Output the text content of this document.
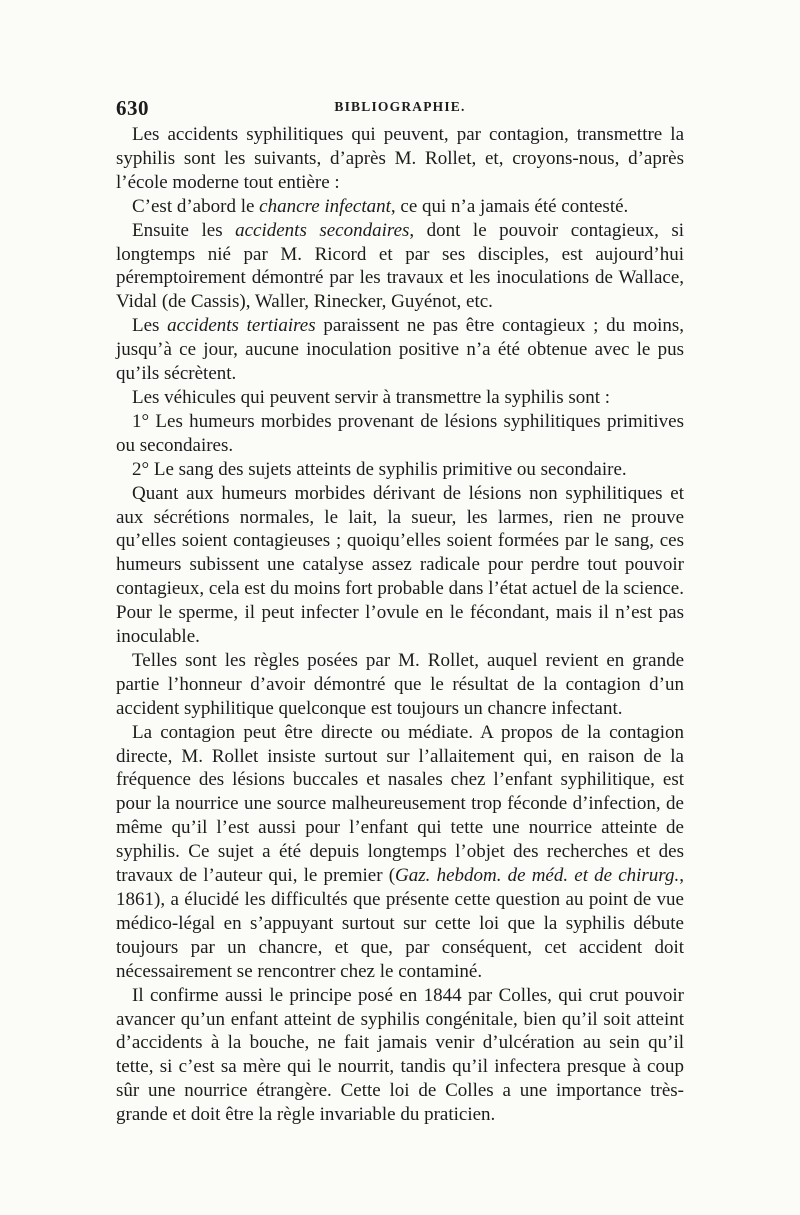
630	BIBLIOGRAPHIE.

Les accidents syphilitiques qui peuvent, par contagion, transmettre la syphilis sont les suivants, d’après M. Rollet, et, croyons-nous, d’après l’école moderne tout entière :

C’est d’abord le chancre infectant, ce qui n’a jamais été contesté.

Ensuite les accidents secondaires, dont le pouvoir contagieux, si longtemps nié par M. Ricord et par ses disciples, est aujourd’hui péremptoirement démontré par les travaux et les inoculations de Wallace, Vidal (de Cassis), Waller, Rinecker, Guyénot, etc.

Les accidents tertiaires paraissent ne pas être contagieux ; du moins, jusqu’à ce jour, aucune inoculation positive n’a été obtenue avec le pus qu’ils sécrètent.

Les véhicules qui peuvent servir à transmettre la syphilis sont :

1° Les humeurs morbides provenant de lésions syphilitiques primitives ou secondaires.

2° Le sang des sujets atteints de syphilis primitive ou secondaire.

Quant aux humeurs morbides dérivant de lésions non syphilitiques et aux sécrétions normales, le lait, la sueur, les larmes, rien ne prouve qu’elles soient contagieuses ; quoiqu’elles soient formées par le sang, ces humeurs subissent une catalyse assez radicale pour perdre tout pouvoir contagieux, cela est du moins fort probable dans l’état actuel de la science. Pour le sperme, il peut infecter l’ovule en le fécondant, mais il n’est pas inoculable.

Telles sont les règles posées par M. Rollet, auquel revient en grande partie l’honneur d’avoir démontré que le résultat de la contagion d’un accident syphilitique quelconque est toujours un chancre infectant.

La contagion peut être directe ou médiate. A propos de la contagion directe, M. Rollet insiste surtout sur l’allaitement qui, en raison de la fréquence des lésions buccales et nasales chez l’enfant syphilitique, est pour la nourrice une source malheureusement trop féconde d’infection, de même qu’il l’est aussi pour l’enfant qui tette une nourrice atteinte de syphilis. Ce sujet a été depuis longtemps l’objet des recherches et des travaux de l’auteur qui, le premier (Gaz. hebdom. de méd. et de chirurg., 1861), a élucidé les difficultés que présente cette question au point de vue médico-légal en s’appuyant surtout sur cette loi que la syphilis débute toujours par un chancre, et que, par conséquent, cet accident doit nécessairement se rencontrer chez le contaminé.

Il confirme aussi le principe posé en 1844 par Colles, qui crut pouvoir avancer qu’un enfant atteint de syphilis congénitale, bien qu’il soit atteint d’accidents à la bouche, ne fait jamais venir d’ulcération au sein qu’il tette, si c’est sa mère qui le nourrit, tandis qu’il infectera presque à coup sûr une nourrice étrangère. Cette loi de Colles a une importance très-grande et doit être la règle invariable du praticien.
